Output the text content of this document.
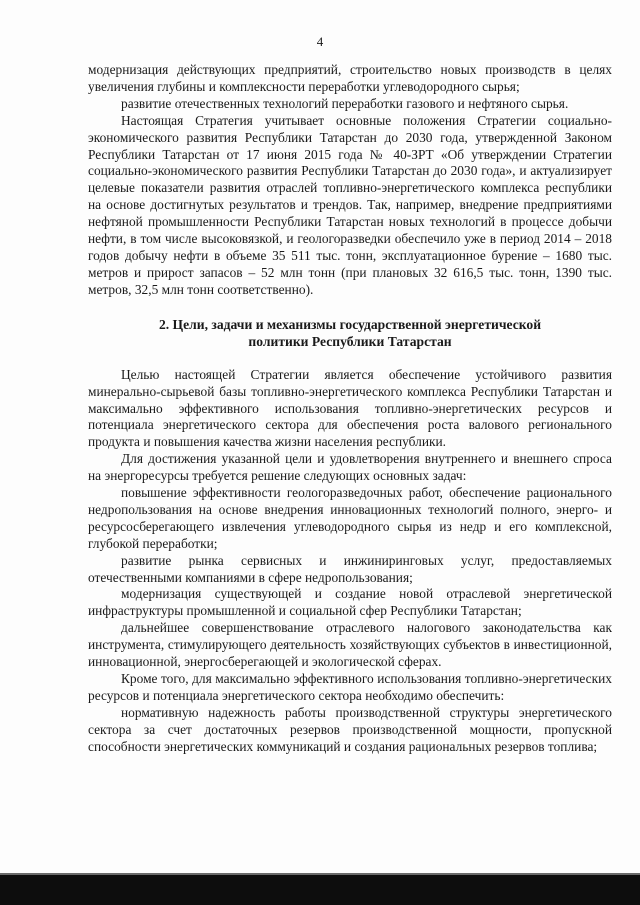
4

модернизация действующих предприятий, строительство новых производств в целях увеличения глубины и комплексности переработки углеводородного сырья;

развитие отечественных технологий переработки газового и нефтяного сырья.

Настоящая Стратегия учитывает основные положения Стратегии социально-экономического развития Республики Татарстан до 2030 года, утвержденной Законом Республики Татарстан от 17 июня 2015 года № 40-ЗРТ «Об утверждении Стратегии социально-экономического развития Республики Татарстан до 2030 года», и актуализирует целевые показатели развития отраслей топливно-энергетического комплекса республики на основе достигнутых результатов и трендов. Так, например, внедрение предприятиями нефтяной промышленности Республики Татарстан новых технологий в процессе добычи нефти, в том числе высоковязкой, и геологоразведки обеспечило уже в период 2014 – 2018 годов добычу нефти в объеме 35 511 тыс. тонн, эксплуатационное бурение – 1680 тыс. метров и прирост запасов – 52 млн тонн (при плановых 32 616,5 тыс. тонн, 1390 тыс. метров, 32,5 млн тонн соответственно).

2. Цели, задачи и механизмы государственной энергетической
политики Республики Татарстан

Целью настоящей Стратегии является обеспечение устойчивого развития минерально-сырьевой базы топливно-энергетического комплекса Республики Татарстан и максимально эффективного использования топливно-энергетических ресурсов и потенциала энергетического сектора для обеспечения роста валового регионального продукта и повышения качества жизни населения республики.

Для достижения указанной цели и удовлетворения внутреннего и внешнего спроса на энергоресурсы требуется решение следующих основных задач:

повышение эффективности геологоразведочных работ, обеспечение рационального недропользования на основе внедрения инновационных технологий полного, энерго- и ресурсосберегающего извлечения углеводородного сырья из недр и его комплексной, глубокой переработки;

развитие рынка сервисных и инжиниринговых услуг, предоставляемых отечественными компаниями в сфере недропользования;

модернизация существующей и создание новой отраслевой энергетической инфраструктуры промышленной и социальной сфер Республики Татарстан;

дальнейшее совершенствование отраслевого налогового законодательства как инструмента, стимулирующего деятельность хозяйствующих субъектов в инвестиционной, инновационной, энергосберегающей и экологической сферах.

Кроме того, для максимально эффективного использования топливно-энергетических ресурсов и потенциала энергетического сектора необходимо обеспечить:

нормативную надежность работы производственной структуры энергетического сектора за счет достаточных резервов производственной мощности, пропускной способности энергетических коммуникаций и создания рациональных резервов топлива;
